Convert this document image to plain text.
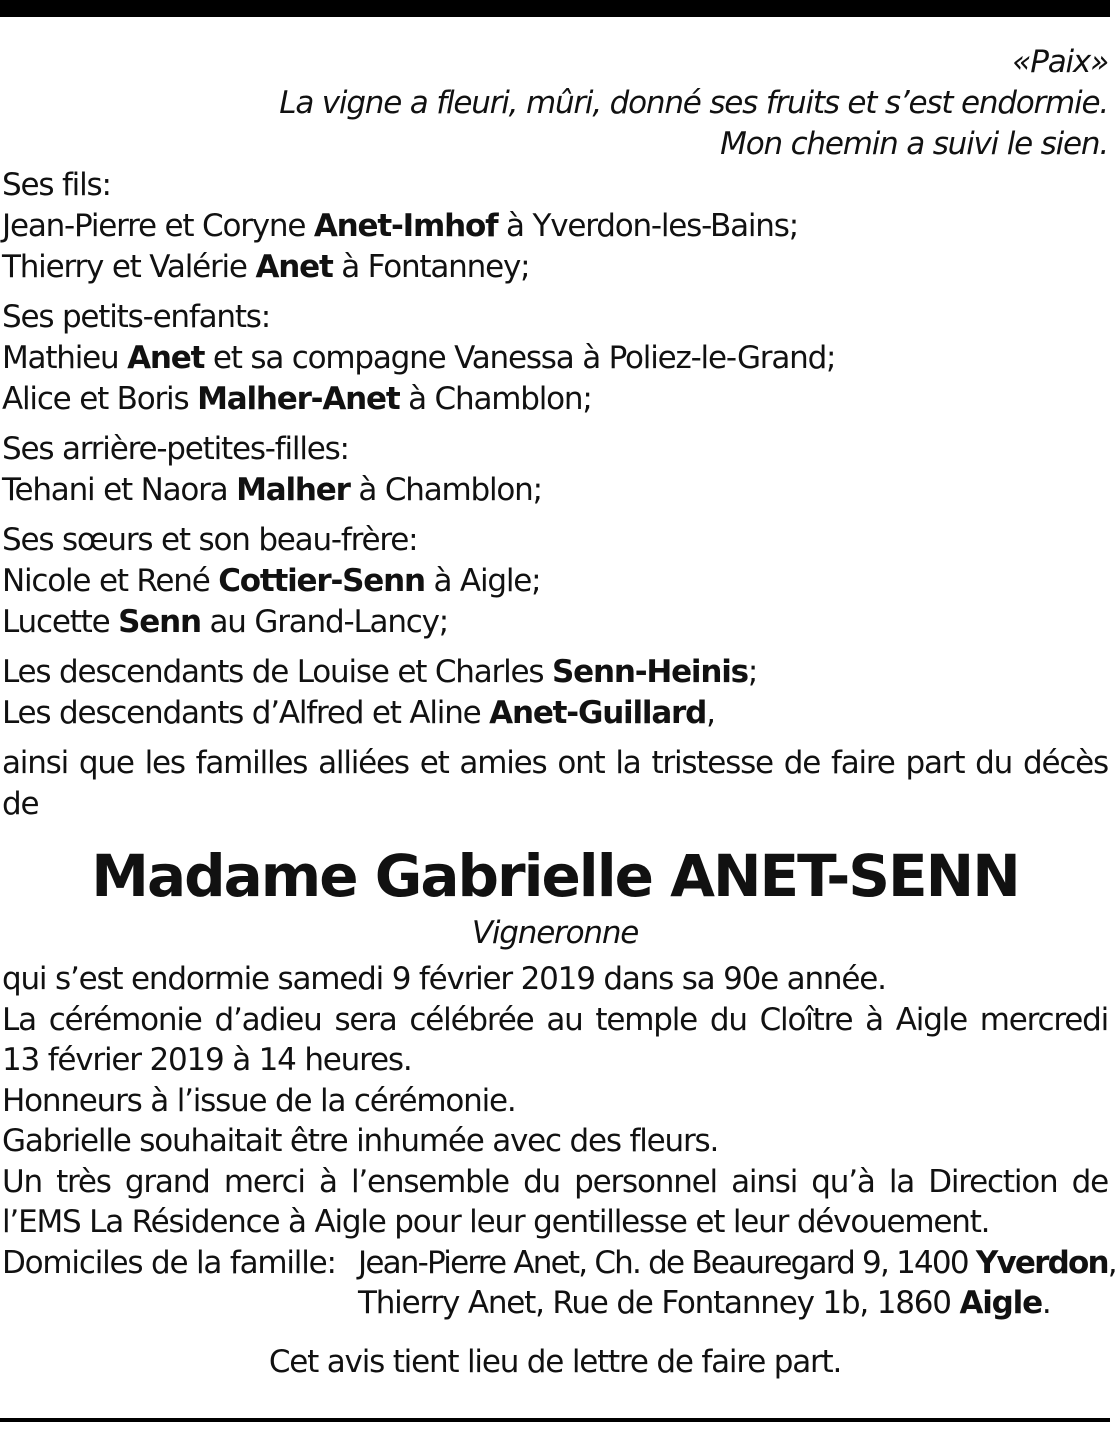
«Paix»
La vigne a fleuri, mûri, donné ses fruits et s’est endormie.
Mon chemin a suivi le sien.
Ses fils:
Jean-Pierre et Coryne Anet-Imhof à Yverdon-les-Bains;
Thierry et Valérie Anet à Fontanney;
Ses petits-enfants:
Mathieu Anet et sa compagne Vanessa à Poliez-le-Grand;
Alice et Boris Malher-Anet à Chamblon;
Ses arrière-petites-filles:
Tehani et Naora Malher à Chamblon;
Ses sœurs et son beau-frère:
Nicole et René Cottier-Senn à Aigle;
Lucette Senn au Grand-Lancy;
Les descendants de Louise et Charles Senn-Heinis;
Les descendants d’Alfred et Aline Anet-Guillard,
ainsi que les familles alliées et amies ont la tristesse de faire part du décès de
Madame Gabrielle ANET-SENN
Vigneronne
qui s’est endormie samedi 9 février 2019 dans sa 90e année.
La cérémonie d’adieu sera célébrée au temple du Cloître à Aigle mercredi
13 février 2019 à 14 heures.
Honneurs à l’issue de la cérémonie.
Gabrielle souhaitait être inhumée avec des fleurs.
Un très grand merci à l’ensemble du personnel ainsi qu’à la Direction de
l’EMS La Résidence à Aigle pour leur gentillesse et leur dévouement.
Domiciles de la famille: Jean-Pierre Anet, Ch. de Beauregard 9, 1400 Yverdon,
Thierry Anet, Rue de Fontanney 1b, 1860 Aigle.
Cet avis tient lieu de lettre de faire part.
